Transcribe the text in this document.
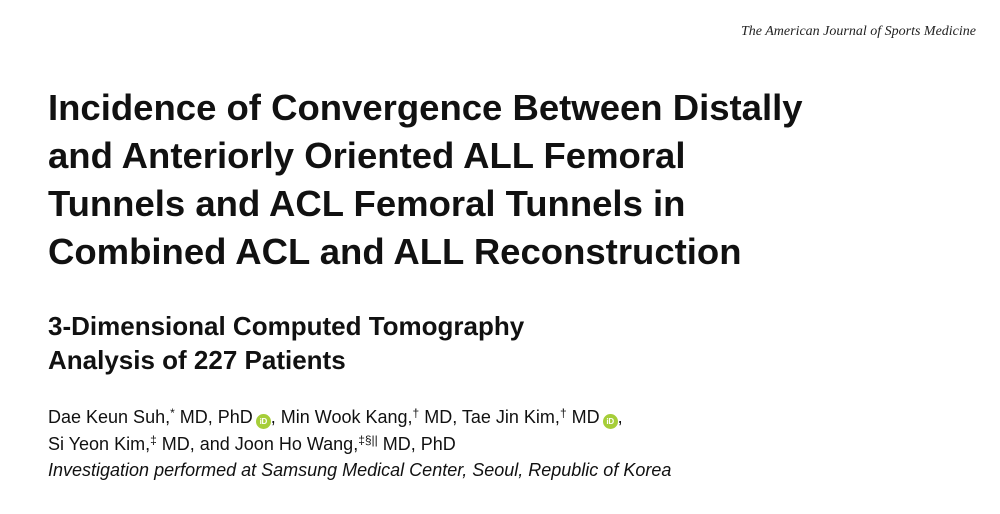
The American Journal of Sports Medicine
Incidence of Convergence Between Distally
and Anteriorly Oriented ALL Femoral
Tunnels and ACL Femoral Tunnels in
Combined ACL and ALL Reconstruction
3-Dimensional Computed Tomography
Analysis of 227 Patients
Dae Keun Suh,* MD, PhD iD , Min Wook Kang,† MD, Tae Jin Kim,† MD iD ,
Si Yeon Kim,‡ MD, and Joon Ho Wang,‡§|| MD, PhD
Investigation performed at Samsung Medical Center, Seoul, Republic of Korea
